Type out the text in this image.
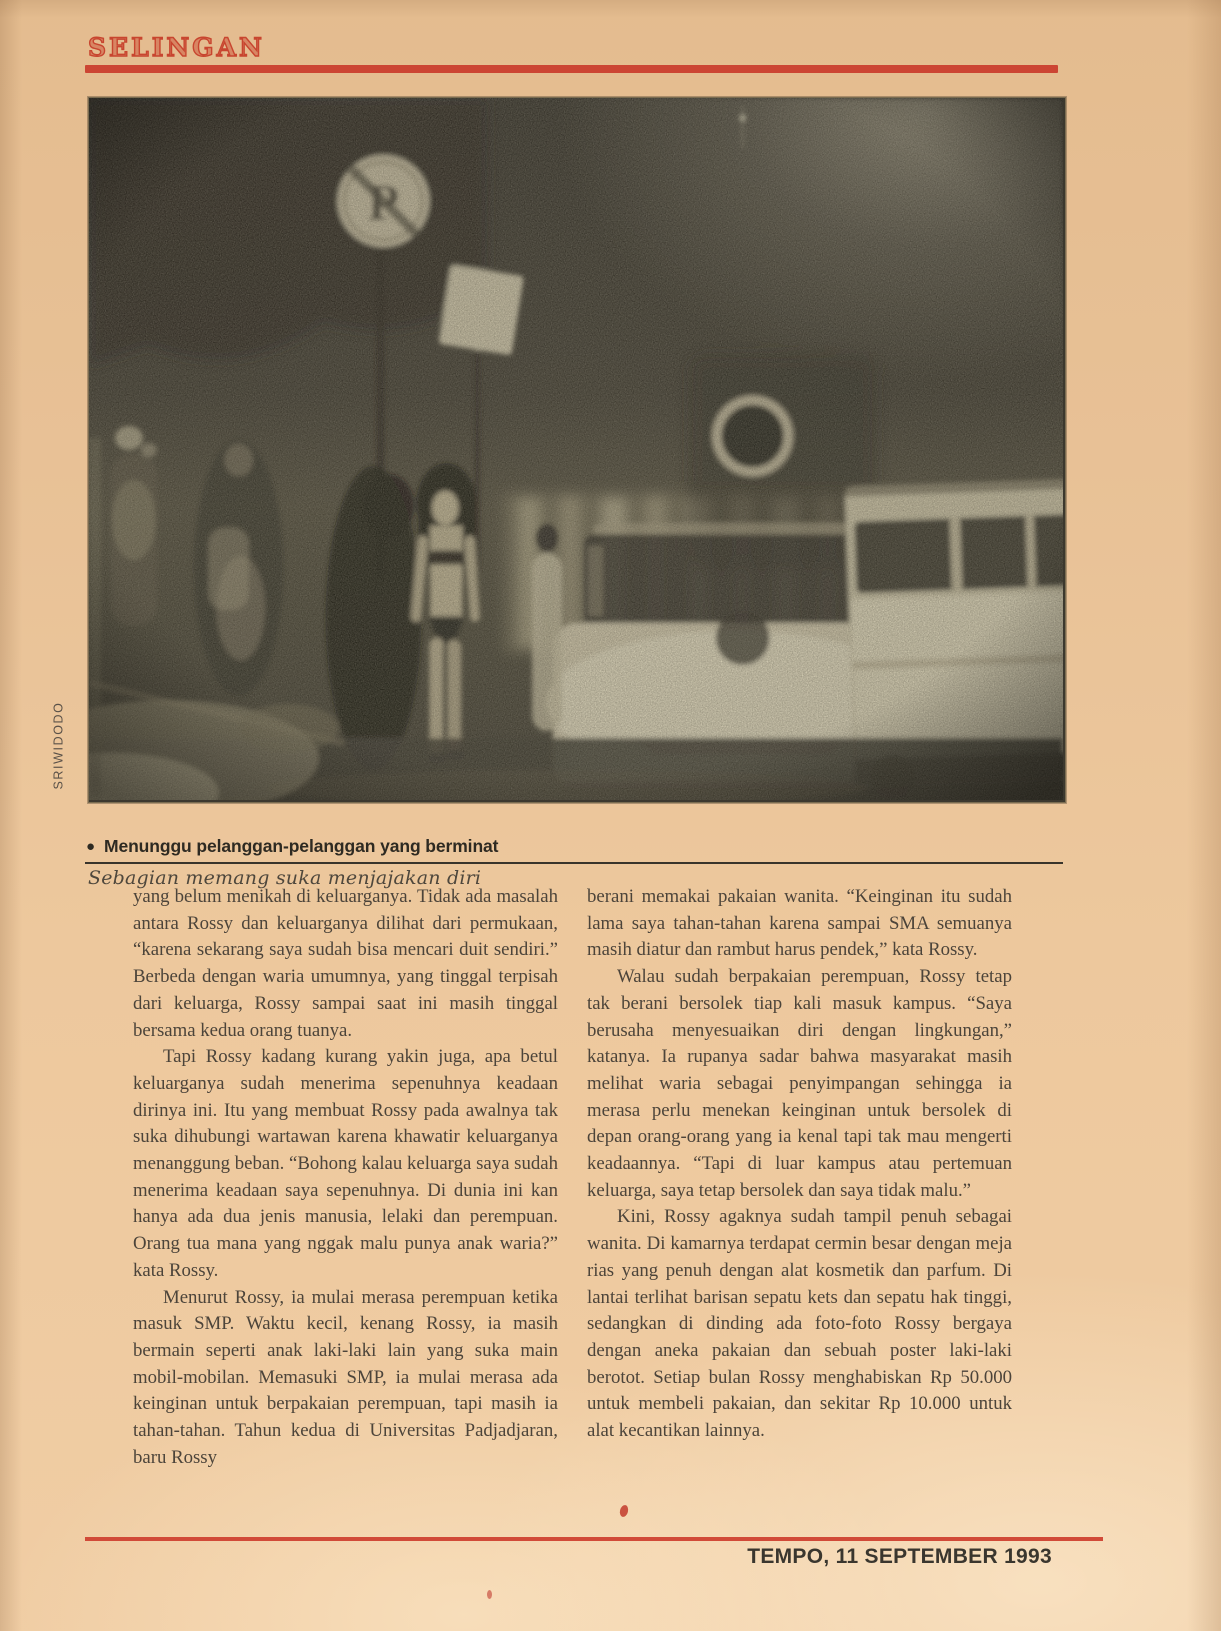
SELINGAN
SRIWIDODO
● Menunggu pelanggan-pelanggan yang berminat
Sebagian memang suka menjajakan diri

yang belum menikah di keluarganya. Tidak ada masalah antara Rossy dan keluarganya dilihat dari permukaan, “karena sekarang saya sudah bisa mencari duit sendiri.” Berbeda dengan waria umumnya, yang tinggal terpisah dari keluarga, Rossy sampai saat ini masih tinggal bersama kedua orang tuanya.

Tapi Rossy kadang kurang yakin juga, apa betul keluarganya sudah menerima sepenuhnya keadaan dirinya ini. Itu yang membuat Rossy pada awalnya tak suka dihubungi wartawan karena khawatir keluarganya menanggung beban. “Bohong kalau keluarga saya sudah menerima keadaan saya sepenuhnya. Di dunia ini kan hanya ada dua jenis manusia, lelaki dan perempuan. Orang tua mana yang nggak malu punya anak waria?” kata Rossy.

Menurut Rossy, ia mulai merasa perempuan ketika masuk SMP. Waktu kecil, kenang Rossy, ia masih bermain seperti anak laki-laki lain yang suka main mobil-mobilan. Memasuki SMP, ia mulai merasa ada keinginan untuk berpakaian perempuan, tapi masih ia tahan-tahan. Tahun kedua di Universitas Padjadjaran, baru Rossy

berani memakai pakaian wanita. “Keinginan itu sudah lama saya tahan-tahan karena sampai SMA semuanya masih diatur dan rambut harus pendek,” kata Rossy.

Walau sudah berpakaian perempuan, Rossy tetap tak berani bersolek tiap kali masuk kampus. “Saya berusaha menyesuaikan diri dengan lingkungan,” katanya. Ia rupanya sadar bahwa masyarakat masih melihat waria sebagai penyimpangan sehingga ia merasa perlu menekan keinginan untuk bersolek di depan orang-orang yang ia kenal tapi tak mau mengerti keadaannya. “Tapi di luar kampus atau pertemuan keluarga, saya tetap bersolek dan saya tidak malu.”

Kini, Rossy agaknya sudah tampil penuh sebagai wanita. Di kamarnya terdapat cermin besar dengan meja rias yang penuh dengan alat kosmetik dan parfum. Di lantai terlihat barisan sepatu kets dan sepatu hak tinggi, sedangkan di dinding ada foto-foto Rossy bergaya dengan aneka pakaian dan sebuah poster laki-laki berotot. Setiap bulan Rossy menghabiskan Rp 50.000 untuk membeli pakaian, dan sekitar Rp 10.000 untuk alat kecantikan lainnya.

TEMPO, 11 SEPTEMBER 1993
